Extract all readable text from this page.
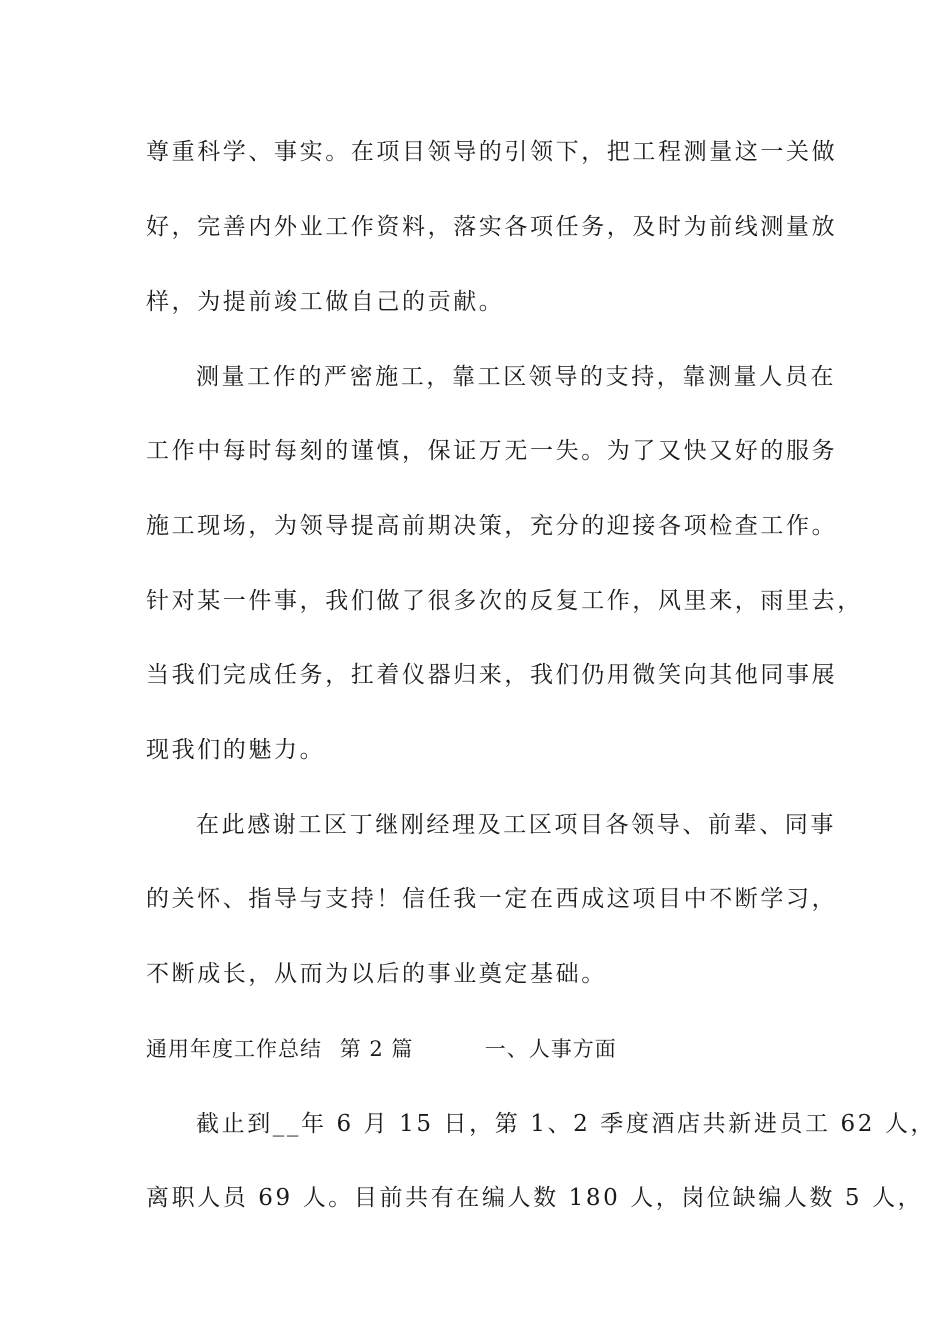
尊重科学、事实。在项目领导的引领下，把工程测量这一关做
好，完善内外业工作资料，落实各项任务，及时为前线测量放
样，为提前竣工做自己的贡献。
测量工作的严密施工，靠工区领导的支持，靠测量人员在
工作中每时每刻的谨慎，保证万无一失。为了又快又好的服务
施工现场，为领导提高前期决策，充分的迎接各项检查工作。
针对某一件事，我们做了很多次的反复工作，风里来，雨里去，
当我们完成任务，扛着仪器归来，我们仍用微笑向其他同事展
现我们的魅力。
在此感谢工区丁继刚经理及工区项目各领导、前辈、同事
的关怀、指导与支持！信任我一定在西成这项目中不断学习，
不断成长，从而为以后的事业奠定基础。
通用年度工作总结 第 2 篇	一、人事方面
截止到__年 6 月 15 日，第 1、2 季度酒店共新进员工 62 人，
离职人员 69 人。目前共有在编人数 180 人，岗位缺编人数 5 人，
